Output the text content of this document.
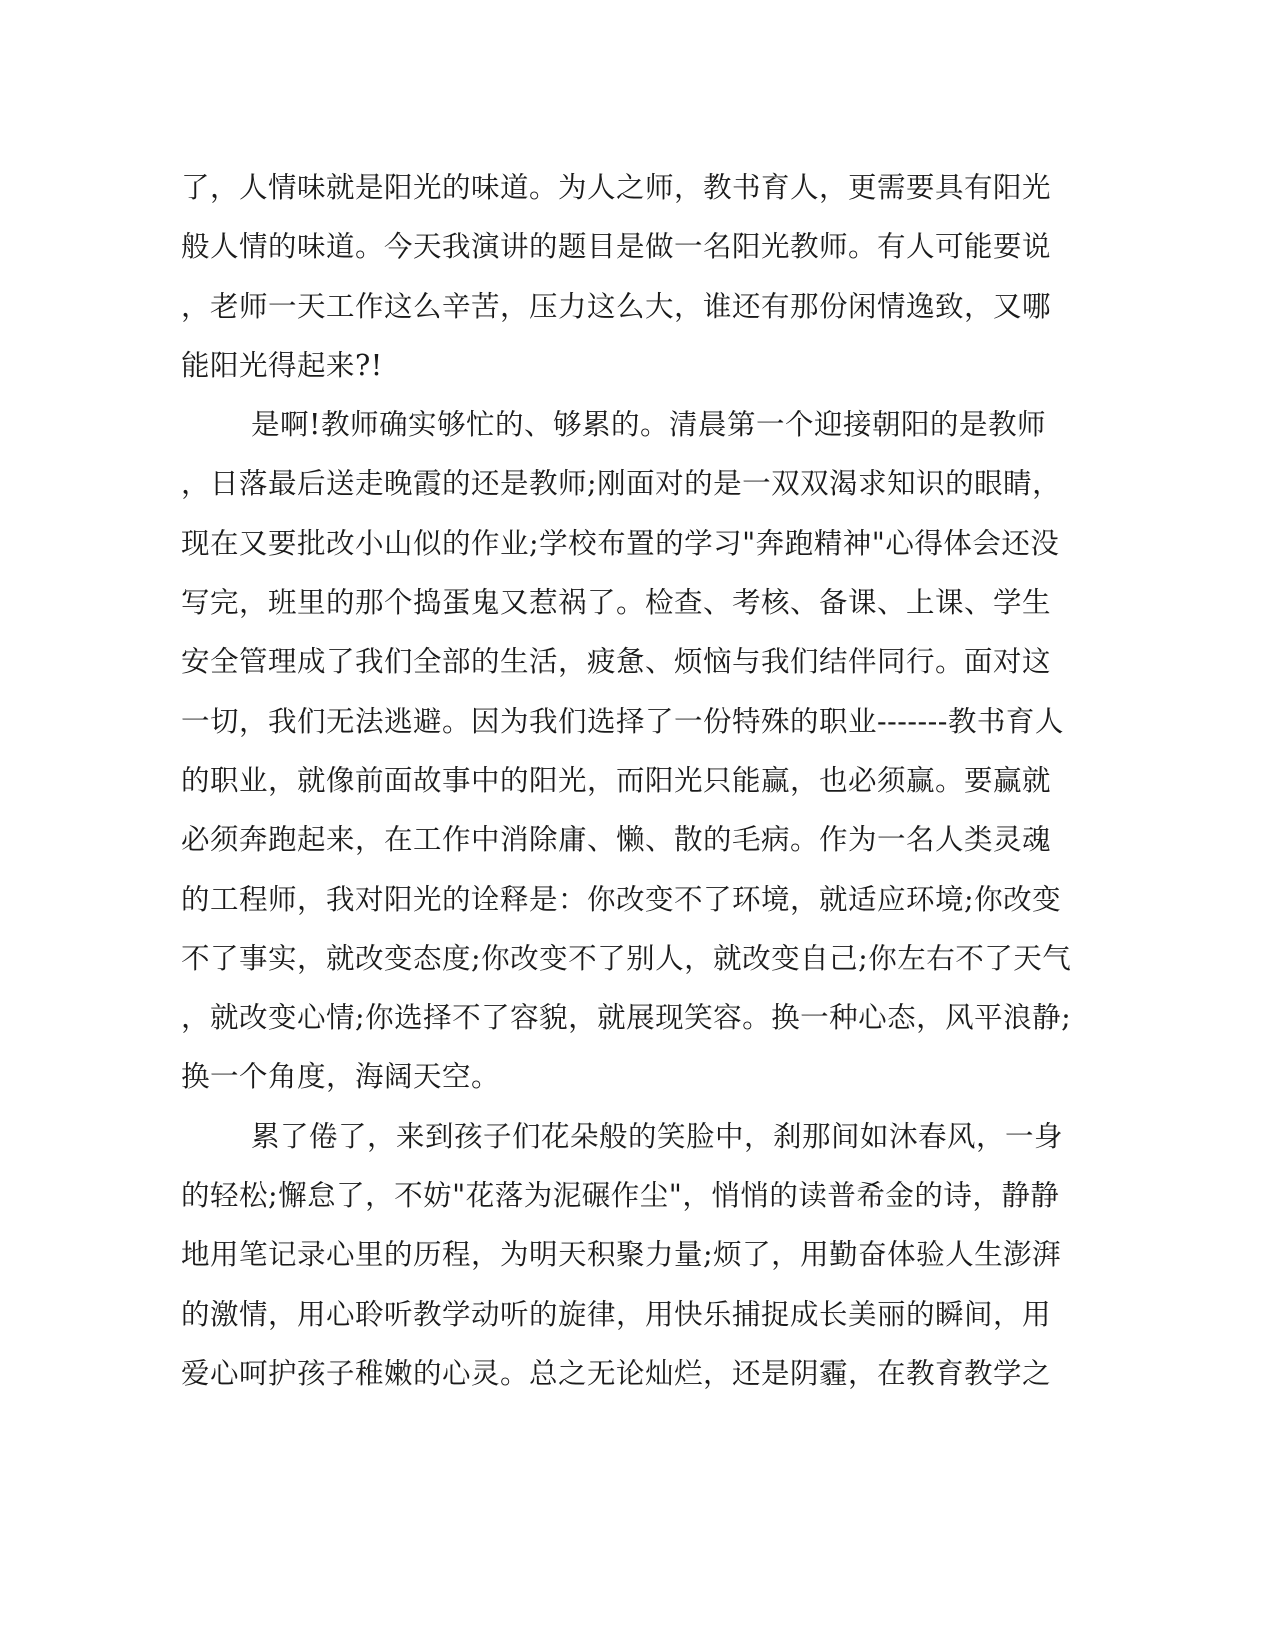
了，人情味就是阳光的味道。为人之师，教书育人，更需要具有阳光
般人情的味道。今天我演讲的题目是做一名阳光教师。有人可能要说
，老师一天工作这么辛苦，压力这么大，谁还有那份闲情逸致，又哪
能阳光得起来?!
是啊!教师确实够忙的、够累的。清晨第一个迎接朝阳的是教师
，日落最后送走晚霞的还是教师;刚面对的是一双双渴求知识的眼睛，
现在又要批改小山似的作业;学校布置的学习"奔跑精神"心得体会还没
写完，班里的那个捣蛋鬼又惹祸了。检查、考核、备课、上课、学生
安全管理成了我们全部的生活，疲惫、烦恼与我们结伴同行。面对这
一切，我们无法逃避。因为我们选择了一份特殊的职业-------教书育人
的职业，就像前面故事中的阳光，而阳光只能赢，也必须赢。要赢就
必须奔跑起来，在工作中消除庸、懒、散的毛病。作为一名人类灵魂
的工程师，我对阳光的诠释是：你改变不了环境，就适应环境;你改变
不了事实，就改变态度;你改变不了别人，就改变自己;你左右不了天气
，就改变心情;你选择不了容貌，就展现笑容。换一种心态，风平浪静;
换一个角度，海阔天空。
累了倦了，来到孩子们花朵般的笑脸中，刹那间如沐春风，一身
的轻松;懈怠了，不妨"花落为泥碾作尘"，悄悄的读普希金的诗，静静
地用笔记录心里的历程，为明天积聚力量;烦了，用勤奋体验人生澎湃
的激情，用心聆听教学动听的旋律，用快乐捕捉成长美丽的瞬间，用
爱心呵护孩子稚嫩的心灵。总之无论灿烂，还是阴霾，在教育教学之
